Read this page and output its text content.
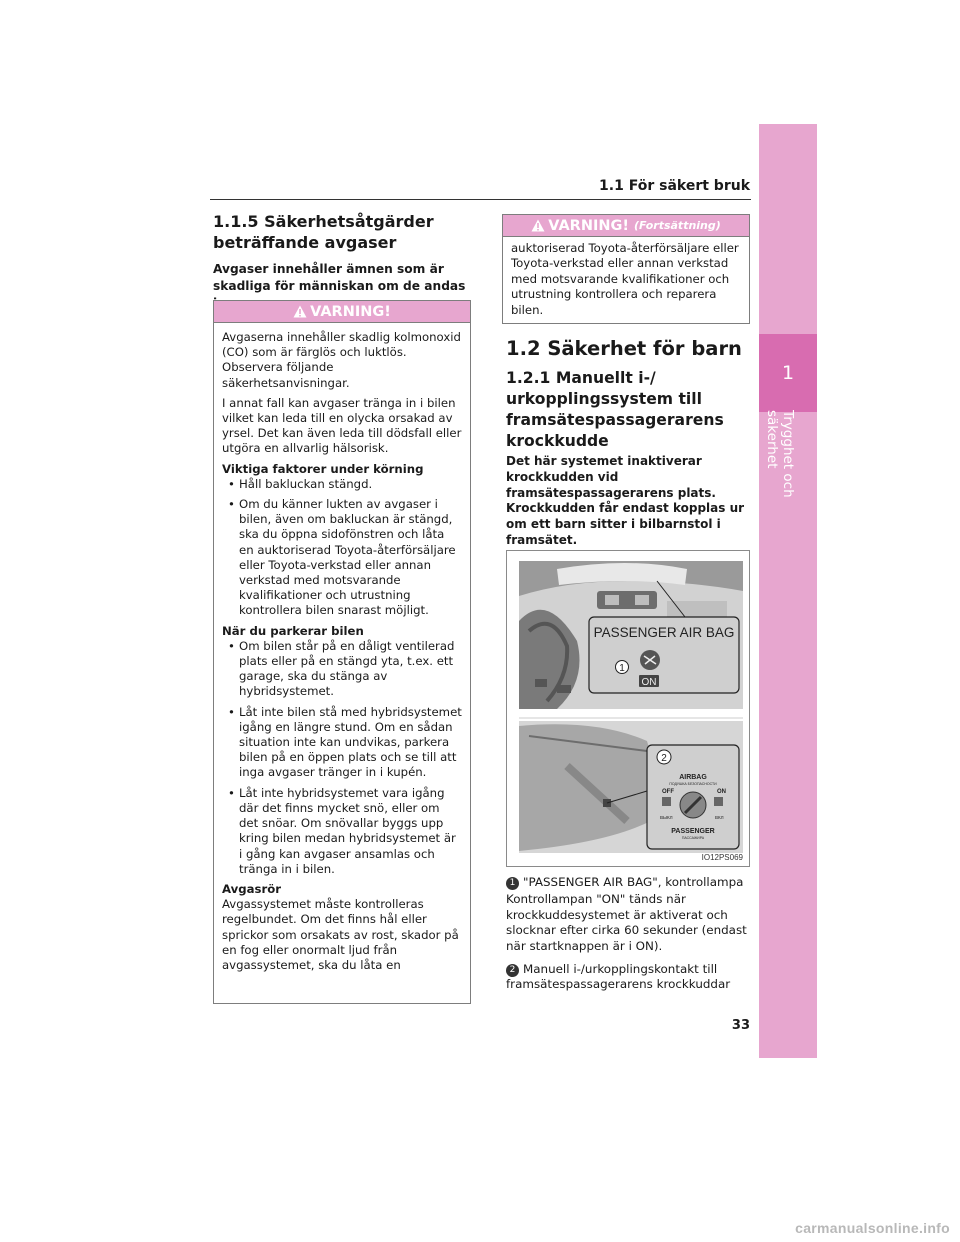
1
Trygghet och säkerhet
1.1 För säkert bruk
1.1.5 Säkerhetsåtgärder
beträffande avgaser
Avgaser innehåller ämnen som är skadliga för människan om de andas
VARNING!

Avgaserna innehåller skadlig kolmonoxid (CO) som är färglös och luktlös. Observera följande säkerhetsanvisningar.

I annat fall kan avgaser tränga in i bilen vilket kan leda till en olycka orsakad av yrsel. Det kan även leda till dödsfall eller utgöra en allvarlig hälsorisk.

Viktiga faktorer under körning
• Håll bakluckan stängd.
• Om du känner lukten av avgaser i bilen, även om bakluckan är stängd, ska du öppna sidofönstren och låta en auktoriserad Toyota-återförsäljare eller Toyota-verkstad eller annan verkstad med motsvarande kvalifikationer och utrustning kontrollera bilen snarast möjligt.
När du parkerar bilen
• Om bilen står på en dåligt ventilerad plats eller på en stängd yta, t.ex. ett garage, ska du stänga av hybridsystemet.
• Låt inte bilen stå med hybridsystemet igång en längre stund. Om en sådan situation inte kan undvikas, parkera bilen på en öppen plats och se till att inga avgaser tränger in i kupén.
• Låt inte hybridsystemet vara igång där det finns mycket snö, eller om det snöar. Om snövallar byggs upp kring bilen medan hybridsystemet är i gång kan avgaser ansamlas och tränga in i bilen.
Avgasrör

Avgassystemet måste kontrolleras regelbundet. Om det finns hål eller sprickor som orsakats av rost, skador på en fog eller onormalt ljud från avgassystemet, ska du låta en

VARNING! (Fortsättning)
auktoriserad Toyota-återförsäljare eller Toyota-verkstad eller annan verkstad med motsvarande kvalifikationer och utrustning kontrollera och reparera bilen.
1.2 Säkerhet för barn
1.2.1 Manuellt i-/
urkopplingssystem till
framsätespassagerarens
krockkudde
Det här systemet inaktiverar krockkudden vid framsätespassagerarens plats. Krockkudden får endast kopplas ur om ett barn sitter i bilbarnstol i framsätet.
PASSENGER AIR BAG
1
ON
2
AIRBAG
ПОДУШКА БЕЗОПАСНОСТИ
OFF	ON
ВЫКЛ	ВКЛ
PASSENGER
ПАССАЖИРА
IO12PS069
1 "PASSENGER AIR BAG", kontrollampa
Kontrollampan "ON" tänds när krockkuddesystemet är aktiverat och slocknar efter cirka 60 sekunder (endast när startknappen är i ON).
2 Manuell i-/urkopplingskontakt till framsätespassagerarens krockkuddar
33
carmanualsonline.info
